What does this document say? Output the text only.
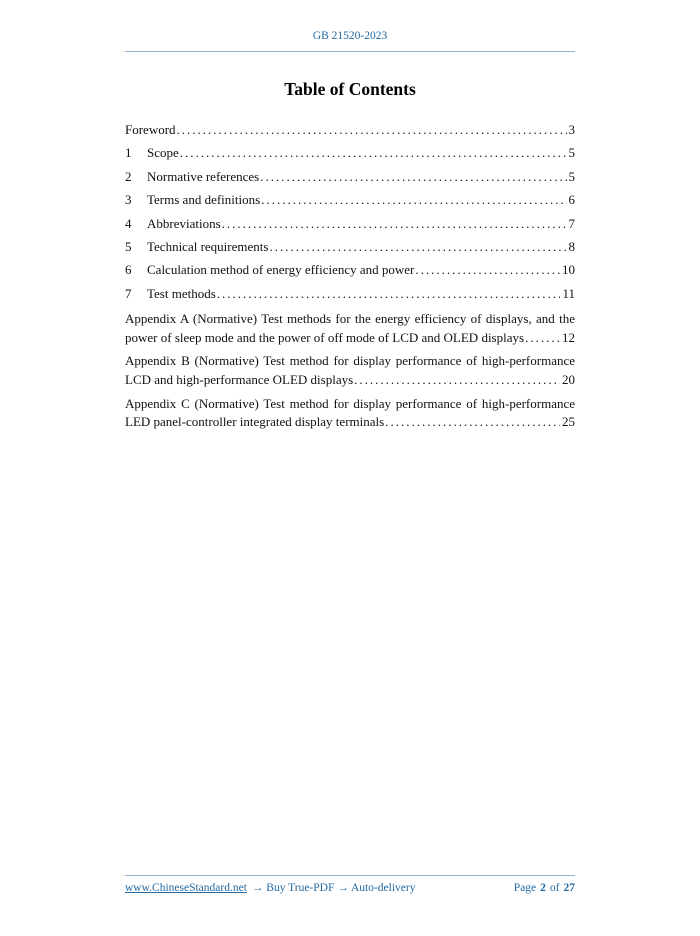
GB 21520-2023
Table of Contents
Foreword .....	3
1	Scope .....	5
2	Normative references .....	5
3	Terms and definitions .....	6
4	Abbreviations .....	7
5	Technical requirements .....	8
6	Calculation method of energy efficiency and power .....	10
7	Test methods .....	11
Appendix A (Normative) Test methods for the energy efficiency of displays, and the
power of sleep mode and the power of off mode of LCD and OLED displays .....	12
Appendix B (Normative) Test method for display performance of high-performance
LCD and high-performance OLED displays .....	20
Appendix C (Normative) Test method for display performance of high-performance
LED panel-controller integrated display terminals .....	25
www.ChineseStandard.net → Buy True-PDF → Auto-delivery	Page 2 of 27
